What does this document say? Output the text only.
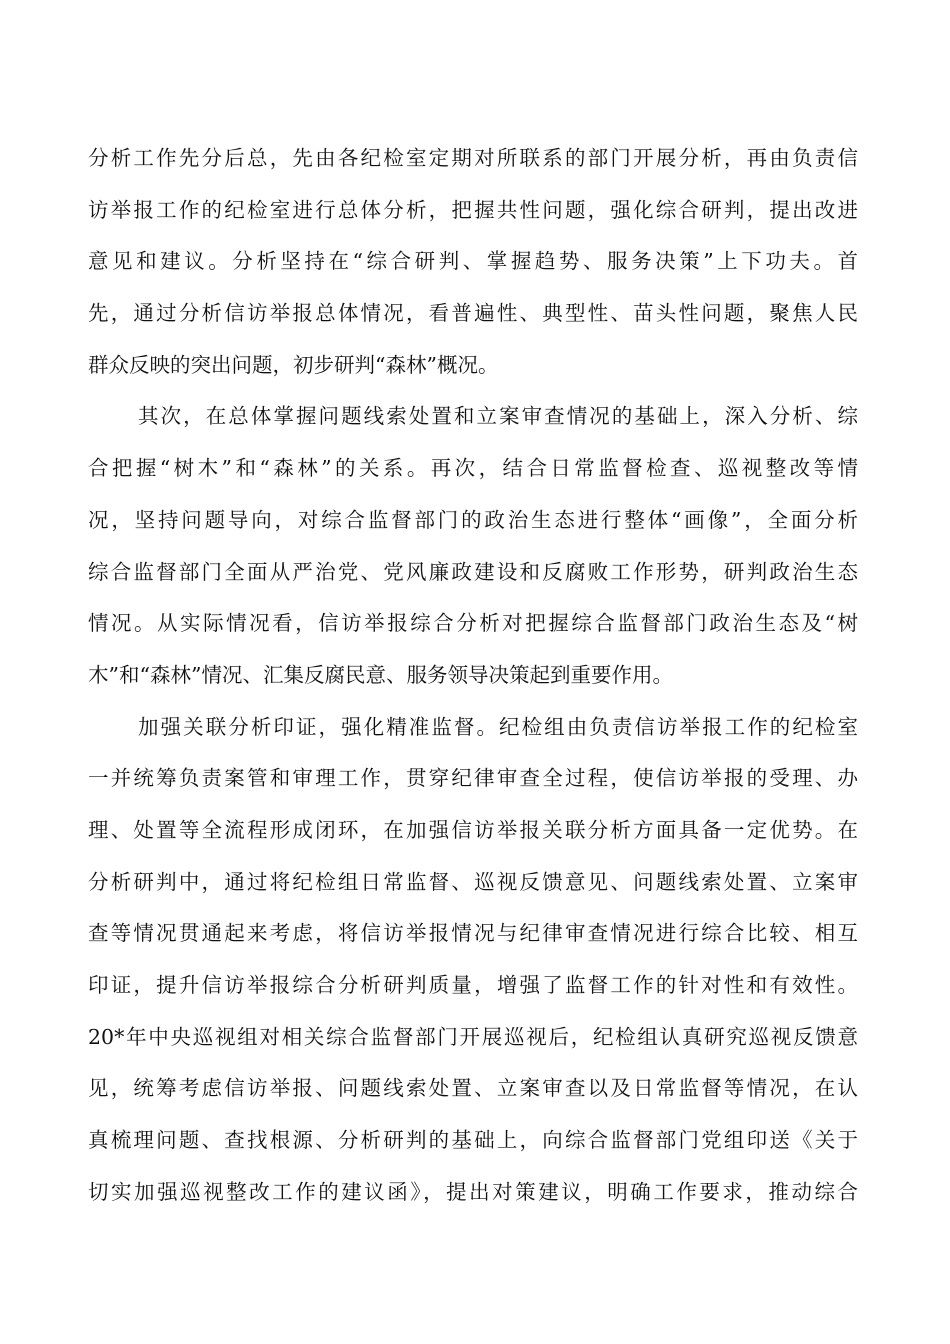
分析工作先分后总，先由各纪检室定期对所联系的部门开展分析，再由负责信
访举报工作的纪检室进行总体分析，把握共性问题，强化综合研判，提出改进
意见和建议。分析坚持在“综合研判、掌握趋势、服务决策”上下功夫。首
先，通过分析信访举报总体情况，看普遍性、典型性、苗头性问题，聚焦人民
群众反映的突出问题，初步研判“森林”概况。
其次，在总体掌握问题线索处置和立案审查情况的基础上，深入分析、综
合把握“树木”和“森林”的关系。再次，结合日常监督检查、巡视整改等情
况，坚持问题导向，对综合监督部门的政治生态进行整体“画像”，全面分析
综合监督部门全面从严治党、党风廉政建设和反腐败工作形势，研判政治生态
情况。从实际情况看，信访举报综合分析对把握综合监督部门政治生态及“树
木”和“森林”情况、汇集反腐民意、服务领导决策起到重要作用。
加强关联分析印证，强化精准监督。纪检组由负责信访举报工作的纪检室
一并统筹负责案管和审理工作，贯穿纪律审查全过程，使信访举报的受理、办
理、处置等全流程形成闭环，在加强信访举报关联分析方面具备一定优势。在
分析研判中，通过将纪检组日常监督、巡视反馈意见、问题线索处置、立案审
查等情况贯通起来考虑，将信访举报情况与纪律审查情况进行综合比较、相互
印证，提升信访举报综合分析研判质量，增强了监督工作的针对性和有效性。
20*年中央巡视组对相关综合监督部门开展巡视后，纪检组认真研究巡视反馈意
见，统筹考虑信访举报、问题线索处置、立案审查以及日常监督等情况，在认
真梳理问题、查找根源、分析研判的基础上，向综合监督部门党组印送《关于
切实加强巡视整改工作的建议函》，提出对策建议，明确工作要求，推动综合
